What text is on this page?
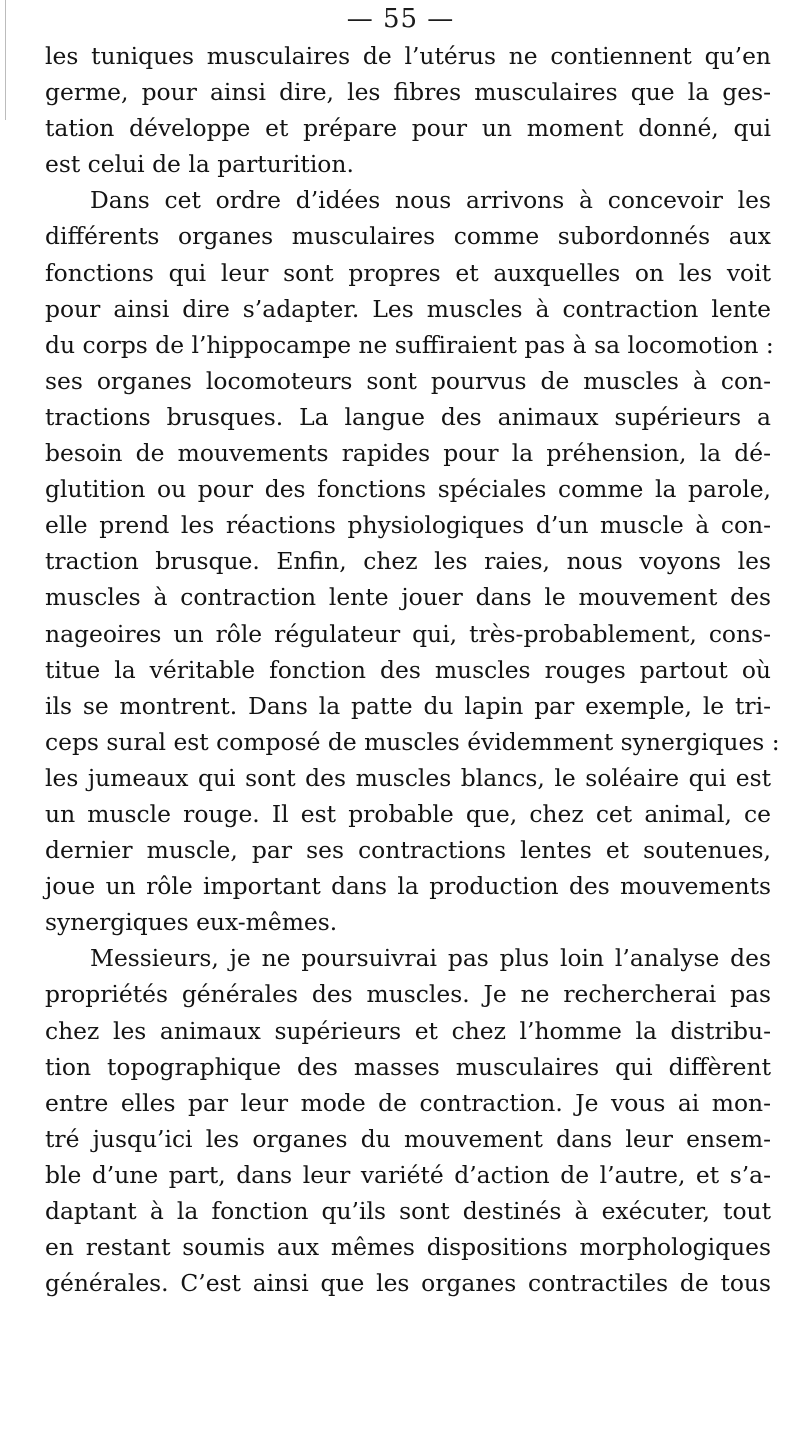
— 55 —
les tuniques musculaires de l’utérus ne contiennent qu’en
germe, pour ainsi dire, les fibres musculaires que la ges-
tation développe et prépare pour un moment donné, qui
est celui de la parturition.
Dans cet ordre d’idées nous arrivons à concevoir les
différents organes musculaires comme subordonnés aux
fonctions qui leur sont propres et auxquelles on les voit
pour ainsi dire s’adapter. Les muscles à contraction lente
du corps de l’hippocampe ne suffiraient pas à sa locomotion :
ses organes locomoteurs sont pourvus de muscles à con-
tractions brusques. La langue des animaux supérieurs a
besoin de mouvements rapides pour la préhension, la dé-
glutition ou pour des fonctions spéciales comme la parole,
elle prend les réactions physiologiques d’un muscle à con-
traction brusque. Enfin, chez les raies, nous voyons les
muscles à contraction lente jouer dans le mouvement des
nageoires un rôle régulateur qui, très-probablement, cons-
titue la véritable fonction des muscles rouges partout où
ils se montrent. Dans la patte du lapin par exemple, le tri-
ceps sural est composé de muscles évidemment synergiques :
les jumeaux qui sont des muscles blancs, le soléaire qui est
un muscle rouge. Il est probable que, chez cet animal, ce
dernier muscle, par ses contractions lentes et soutenues,
joue un rôle important dans la production des mouvements
synergiques eux-mêmes.
Messieurs, je ne poursuivrai pas plus loin l’analyse des
propriétés générales des muscles. Je ne rechercherai pas
chez les animaux supérieurs et chez l’homme la distribu-
tion topographique des masses musculaires qui diffèrent
entre elles par leur mode de contraction. Je vous ai mon-
tré jusqu’ici les organes du mouvement dans leur ensem-
ble d’une part, dans leur variété d’action de l’autre, et s’a-
daptant à la fonction qu’ils sont destinés à exécuter, tout
en restant soumis aux mêmes dispositions morphologiques
générales. C’est ainsi que les organes contractiles de tous
